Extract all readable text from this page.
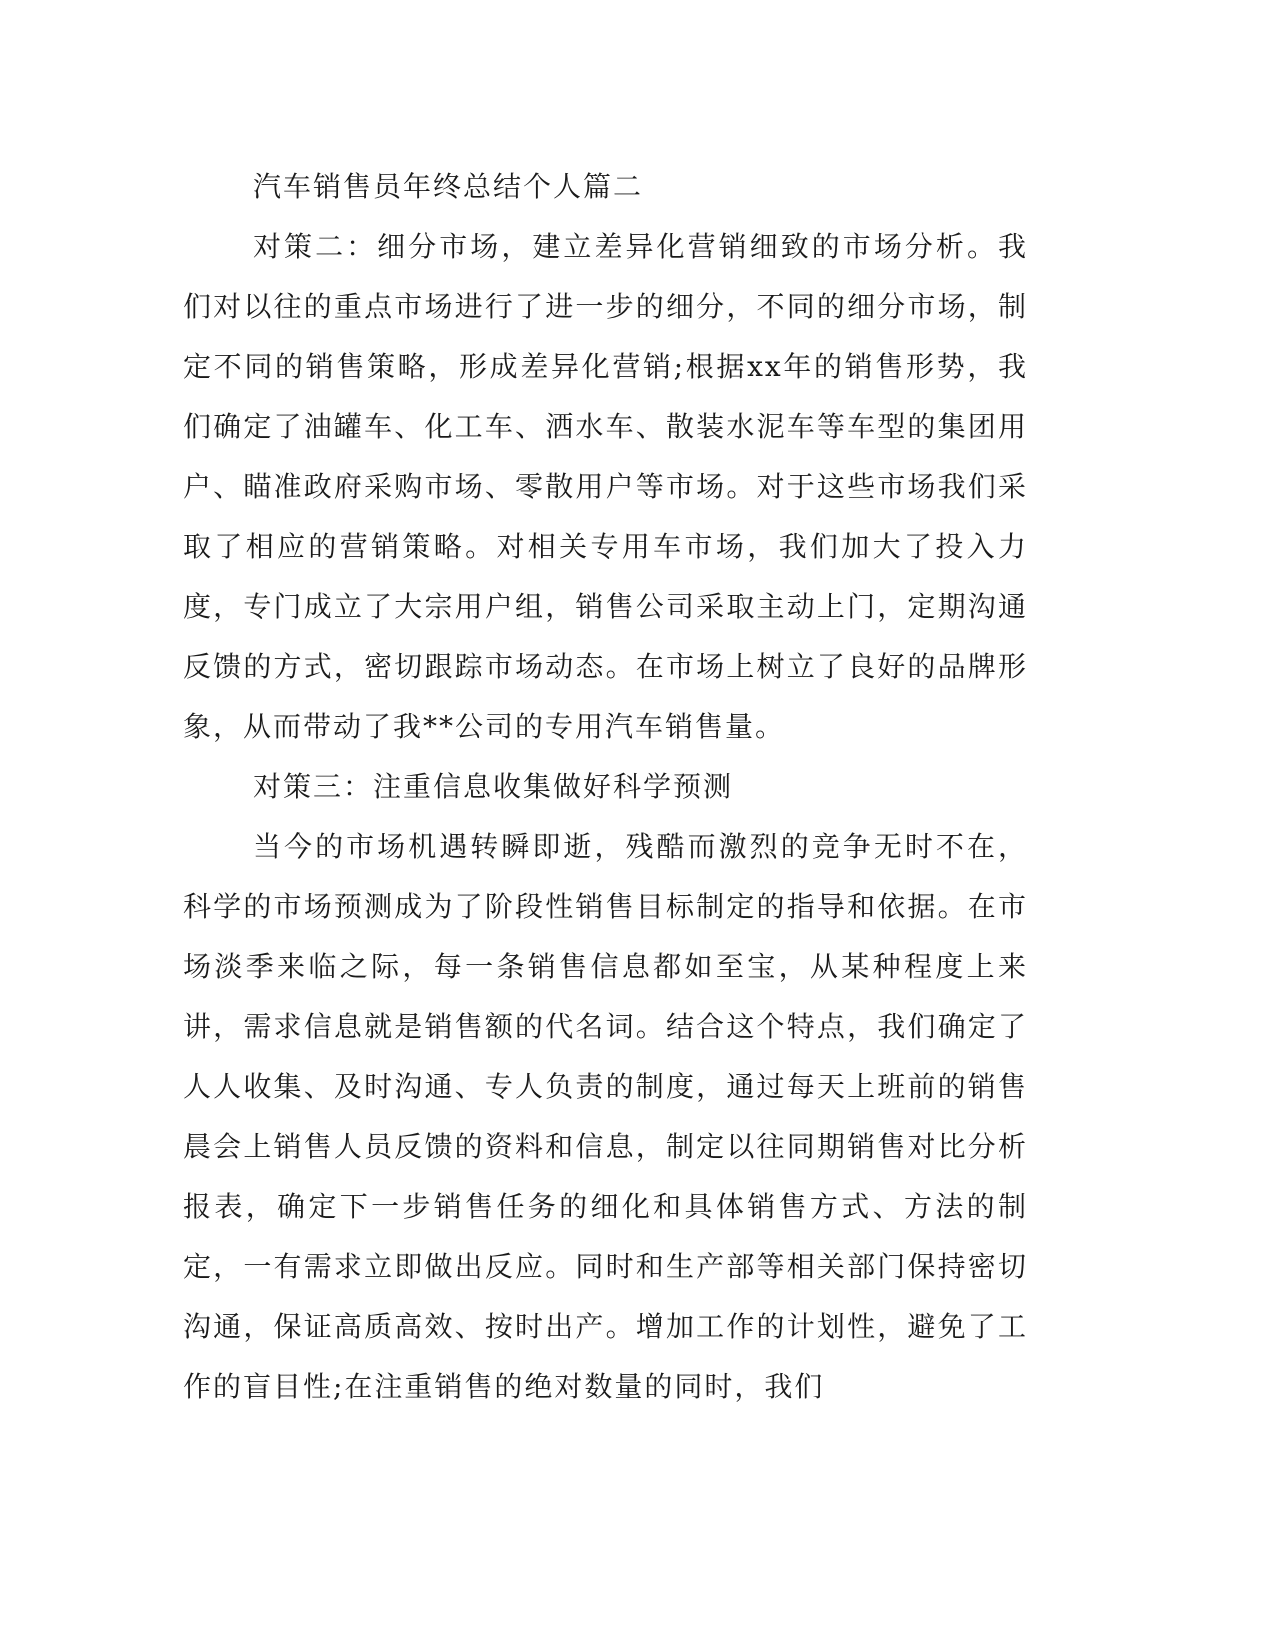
汽车销售员年终总结个人篇二

对策二：细分市场，建立差异化营销细致的市场分析。我们对以往的重点市场进行了进一步的细分，不同的细分市场，制定不同的销售策略，形成差异化营销;根据xx年的销售形势，我们确定了油罐车、化工车、洒水车、散装水泥车等车型的集团用户、瞄准政府采购市场、零散用户等市场。对于这些市场我们采取了相应的营销策略。对相关专用车市场，我们加大了投入力度，专门成立了大宗用户组，销售公司采取主动上门，定期沟通反馈的方式，密切跟踪市场动态。在市场上树立了良好的品牌形象，从而带动了我**公司的专用汽车销售量。

对策三：注重信息收集做好科学预测

当今的市场机遇转瞬即逝，残酷而激烈的竞争无时不在，科学的市场预测成为了阶段性销售目标制定的指导和依据。在市场淡季来临之际，每一条销售信息都如至宝，从某种程度上来讲，需求信息就是销售额的代名词。结合这个特点，我们确定了人人收集、及时沟通、专人负责的制度，通过每天上班前的销售晨会上销售人员反馈的资料和信息，制定以往同期销售对比分析报表，确定下一步销售任务的细化和具体销售方式、方法的制定，一有需求立即做出反应。同时和生产部等相关部门保持密切沟通，保证高质高效、按时出产。增加工作的计划性，避免了工作的盲目性;在注重销售的绝对数量的同时，我们
